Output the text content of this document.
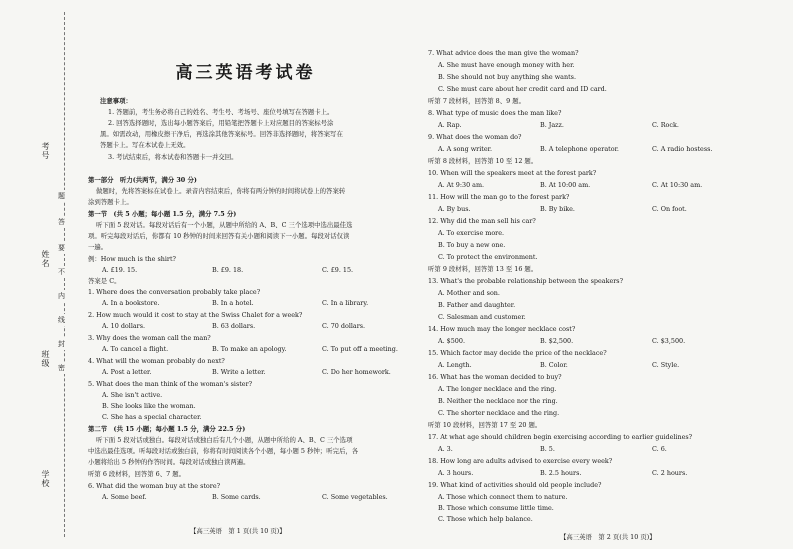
考号
姓名
班级
学校
题
答
要
不
内
线
封
密
高三英语考试卷
注意事项：
1. 答题前，考生务必将自己的姓名、考生号、考场号、座位号填写在答题卡上。
2. 回答选择题时，选出每小题答案后，用铅笔把答题卡上对应题目的答案标号涂
黑。如需改动，用橡皮擦干净后，再选涂其他答案标号。回答非选择题时，将答案写在
答题卡上。写在本试卷上无效。
3. 考试结束后，将本试卷和答题卡一并交回。
第一部分　听力(共两节，满分 30 分)
做题时，先将答案标在试卷上。录音内容结束后，你将有两分钟的时间将试卷上的答案转
涂到答题卡上。
第一节　(共 5 小题；每小题 1.5 分，满分 7.5 分)
听下面 5 段对话。每段对话后有一个小题，从题中所给的 A、B、C 三个选项中选出最佳选
项。听完每段对话后，你都有 10 秒钟的时间来回答有关小题和阅读下一小题。每段对话仅读
一遍。
例：How much is the shirt?
A. £19. 15.	B. £9. 18.	C. £9. 15.
答案是 C。
1. Where does the conversation probably take place?
A. In a bookstore.	B. In a hotel.	C. In a library.
2. How much would it cost to stay at the Swiss Chalet for a week?
A. 10 dollars.	B. 63 dollars.	C. 70 dollars.
3. Why does the woman call the man?
A. To cancel a flight.	B. To make an apology.	C. To put off a meeting.
4. What will the woman probably do next?
A. Post a letter.	B. Write a letter.	C. Do her homework.
5. What does the man think of the woman's sister?
A. She isn't active.
B. She looks like the woman.
C. She has a special character.
第二节　(共 15 小题；每小题 1.5 分，满分 22.5 分)
听下面 5 段对话或独白。每段对话或独白后有几个小题，从题中所给的 A、B、C 三个选项
中选出最佳选项。听每段对话或独白前，你将有时间阅读各个小题，每小题 5 秒钟；听完后，各
小题将给出 5 秒钟的作答时间。每段对话或独白读两遍。
听第 6 段材料，回答第 6、7 题。
6. What did the woman buy at the store?
A. Some beef.	B. Some cards.	C. Some vegetables.
【高三英语　第 1 页(共 10 页)】
7. What advice does the man give the woman?
A. She must have enough money with her.
B. She should not buy anything she wants.
C. She must care about her credit card and ID card.
听第 7 段材料，回答第 8、9 题。
8. What type of music does the man like?
A. Rap.	B. Jazz.	C. Rock.
9. What does the woman do?
A. A song writer.	B. A telephone operator.	C. A radio hostess.
听第 8 段材料，回答第 10 至 12 题。
10. When will the speakers meet at the forest park?
A. At 9:30 am.	B. At 10:00 am.	C. At 10:30 am.
11. How will the man go to the forest park?
A. By bus.	B. By bike.	C. On foot.
12. Why did the man sell his car?
A. To exercise more.
B. To buy a new one.
C. To protect the environment.
听第 9 段材料，回答第 13 至 16 题。
13. What's the probable relationship between the speakers?
A. Mother and son.
B. Father and daughter.
C. Salesman and customer.
14. How much may the longer necklace cost?
A. $500.	B. $2,500.	C. $3,500.
15. Which factor may decide the price of the necklace?
A. Length.	B. Color.	C. Style.
16. What has the woman decided to buy?
A. The longer necklace and the ring.
B. Neither the necklace nor the ring.
C. The shorter necklace and the ring.
听第 10 段材料，回答第 17 至 20 题。
17. At what age should children begin exercising according to earlier guidelines?
A. 3.	B. 5.	C. 6.
18. How long are adults advised to exercise every week?
A. 3 hours.	B. 2.5 hours.	C. 2 hours.
19. What kind of activities should old people include?
A. Those which connect them to nature.
B. Those which consume little time.
C. Those which help balance.
【高三英语　第 2 页(共 10 页)】
